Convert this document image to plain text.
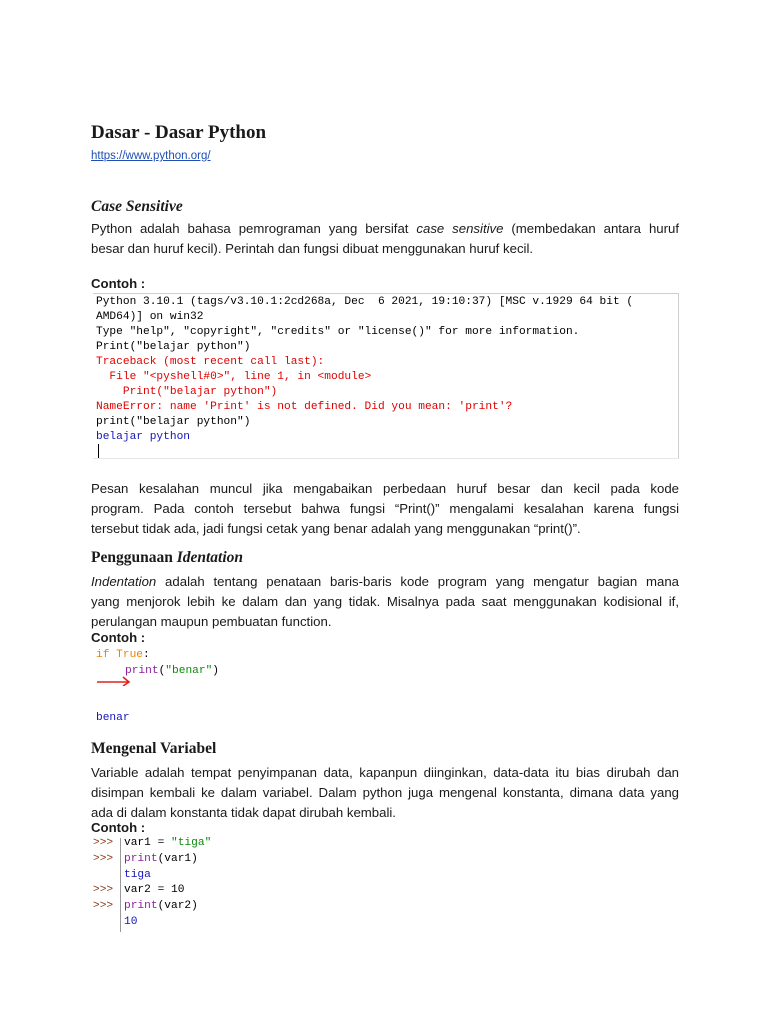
Dasar - Dasar Python
https://www.python.org/
Case Sensitive
Python adalah bahasa pemrograman yang bersifat case sensitive (membedakan antara huruf
besar dan huruf kecil). Perintah dan fungsi dibuat menggunakan huruf kecil.
Contoh :
Python 3.10.1 (tags/v3.10.1:2cd268a, Dec  6 2021, 19:10:37) [MSC v.1929 64 bit (
AMD64)] on win32
Type "help", "copyright", "credits" or "license()" for more information.
Print("belajar python")
Traceback (most recent call last):
File "<pyshell#0>", line 1, in <module>
Print("belajar python")
NameError: name 'Print' is not defined. Did you mean: 'print'?
print("belajar python")
belajar python
Pesan kesalahan muncul jika mengabaikan perbedaan huruf besar dan kecil pada kode
program. Pada contoh tersebut bahwa fungsi “Print()” mengalami kesalahan karena fungsi
tersebut tidak ada, jadi fungsi cetak yang benar adalah yang menggunakan “print()”.
Penggunaan Identation
Indentation adalah tentang penataan baris-baris kode program yang mengatur bagian mana
yang menjorok lebih ke dalam dan yang tidak. Misalnya pada saat menggunakan kodisional if,
perulangan maupun pembuatan function.
Contoh :
if True:
print("benar")
benar
Mengenal Variabel
Variable adalah tempat penyimpanan data, kapanpun diinginkan, data-data itu bias dirubah dan
disimpan kembali ke dalam variabel. Dalam python juga mengenal konstanta, dimana data yang
ada di dalam konstanta tidak dapat dirubah kembali.
Contoh :
>>> var1 = "tiga"
>>> print(var1)
tiga
>>> var2 = 10
>>> print(var2)
10
